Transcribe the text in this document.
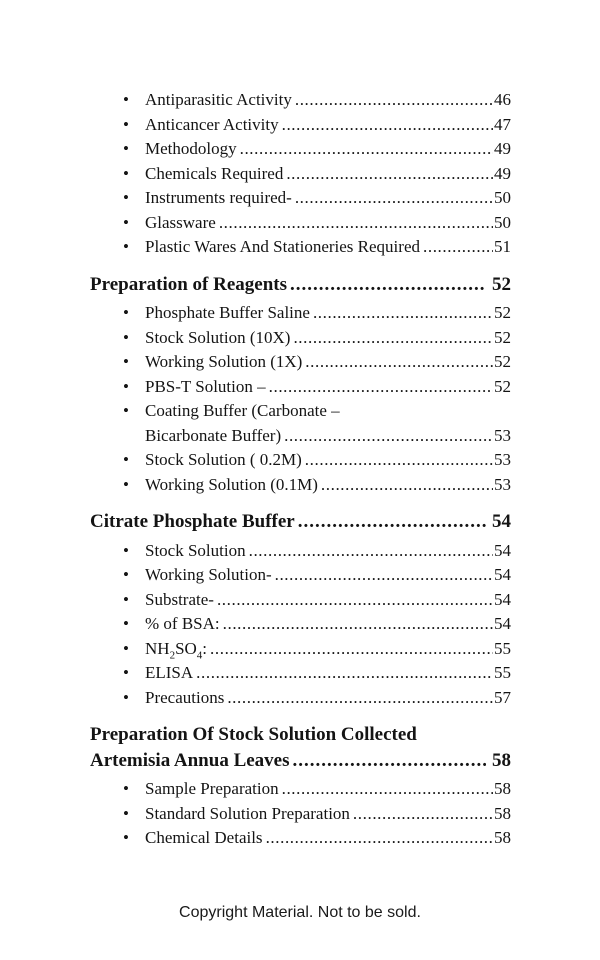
• Antiparasitic Activity .....	46
• Anticancer Activity .....	47
• Methodology .....	49
• Chemicals Required .....	49
• Instruments required- .....	50
• Glassware .....	50
• Plastic Wares And Stationeries Required .....	51
Preparation of Reagents .....	52
• Phosphate Buffer Saline .....	52
• Stock Solution (10X) .....	52
• Working Solution (1X) .....	52
• PBS-T Solution – .....	52
• Coating Buffer (Carbonate –
Bicarbonate Buffer) .....	53
• Stock Solution ( 0.2M) .....	53
• Working Solution (0.1M) .....	53
Citrate Phosphate Buffer .....	54
• Stock Solution .....	54
• Working Solution- .....	54
• Substrate- .....	54
• % of BSA: .....	54
• $NH_2SO_4$: .....	55
• ELISA .....	55
• Precautions .....	57
Preparation Of Stock Solution Collected
Artemisia Annua Leaves .....	58
• Sample Preparation .....	58
• Standard Solution Preparation .....	58
• Chemical Details .....	58
Copyright Material. Not to be sold.
